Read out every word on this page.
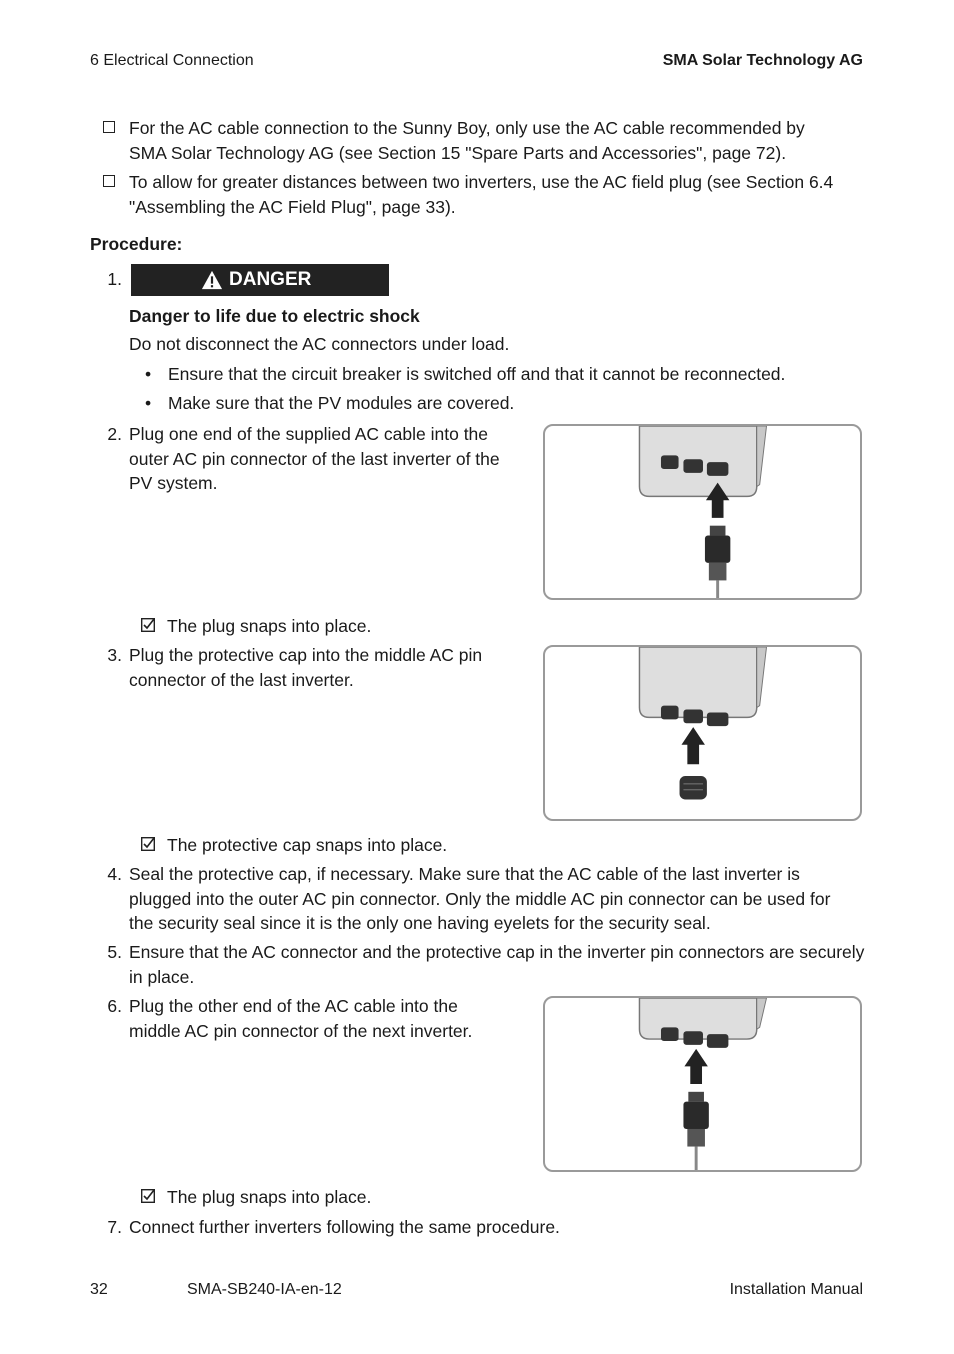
6 Electrical Connection	SMA Solar Technology AG
For the AC cable connection to the Sunny Boy, only use the AC cable recommended by
SMA Solar Technology AG (see Section 15 "Spare Parts and Accessories", page 72).
To allow for greater distances between two inverters, use the AC field plug (see Section 6.4
"Assembling the AC Field Plug", page 33).
Procedure:
1.	DANGER
Danger to life due to electric shock
Do not disconnect the AC connectors under load.
• Ensure that the circuit breaker is switched off and that it cannot be reconnected.
• Make sure that the PV modules are covered.
2. Plug one end of the supplied AC cable into the
outer AC pin connector of the last inverter of the
PV system.
The plug snaps into place.
3. Plug the protective cap into the middle AC pin
connector of the last inverter.
The protective cap snaps into place.
4. Seal the protective cap, if necessary. Make sure that the AC cable of the last inverter is
plugged into the outer AC pin connector. Only the middle AC pin connector can be used for
the security seal since it is the only one having eyelets for the security seal.
5. Ensure that the AC connector and the protective cap in the inverter pin connectors are securely
in place.
6. Plug the other end of the AC cable into the
middle AC pin connector of the next inverter.
The plug snaps into place.
7. Connect further inverters following the same procedure.
32	SMA-SB240-IA-en-12	Installation Manual
